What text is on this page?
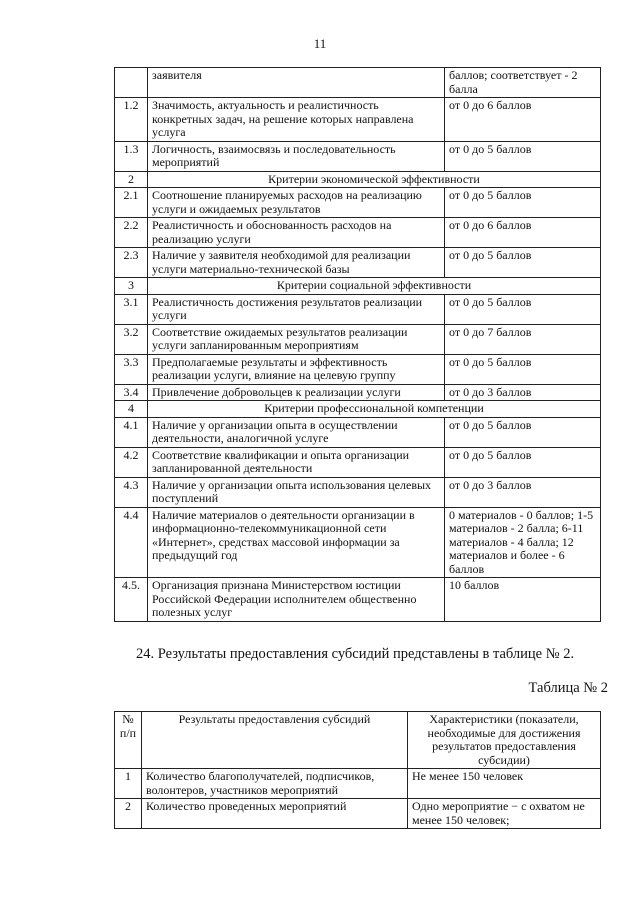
11
	заявителя	баллов; соответствует - 2 балла
1.2	Значимость, актуальность и реалистичность конкретных задач, на решение которых направлена услуга	от 0 до 6 баллов
1.3	Логичность, взаимосвязь и последовательность мероприятий	от 0 до 5 баллов
2	Критерии экономической эффективности	
2.1	Соотношение планируемых расходов на реализацию услуги и ожидаемых результатов	от 0 до 5 баллов
2.2	Реалистичность и обоснованность расходов на реализацию услуги	от 0 до 6 баллов
2.3	Наличие у заявителя необходимой для реализации услуги материально-технической базы	от 0 до 5 баллов
3	Критерии социальной эффективности	
3.1	Реалистичность достижения результатов реализации услуги	от 0 до 5 баллов
3.2	Соответствие ожидаемых результатов реализации услуги запланированным мероприятиям	от 0 до 7 баллов
3.3	Предполагаемые результаты и эффективность реализации услуги, влияние на целевую группу	от 0 до 5 баллов
3.4	Привлечение добровольцев к реализации услуги	от 0 до 3 баллов
4	Критерии профессиональной компетенции	
4.1	Наличие у организации опыта в осуществлении деятельности, аналогичной услуге	от 0 до 5 баллов
4.2	Соответствие квалификации и опыта организации запланированной деятельности	от 0 до 5 баллов
4.3	Наличие у организации опыта использования целевых поступлений	от 0 до 3 баллов
4.4	Наличие материалов о деятельности организации в информационно-телекоммуникационной сети «Интернет», средствах массовой информации за предыдущий год	0 материалов - 0 баллов; 1-5 материалов - 2 балла; 6-11 материалов - 4 балла; 12 материалов и более - 6 баллов
4.5.	Организация признана Министерством юстиции Российской Федерации исполнителем общественно полезных услуг	10 баллов
24. Результаты предоставления субсидий представлены в таблице № 2.
Таблица № 2
№ п/п	Результаты предоставления субсидий	Характеристики (показатели, необходимые для достижения результатов предоставления субсидии)
1	Количество благополучателей, подписчиков, волонтеров, участников мероприятий	Не менее 150 человек
2	Количество проведенных мероприятий	Одно мероприятие − с охватом не менее 150 человек;
